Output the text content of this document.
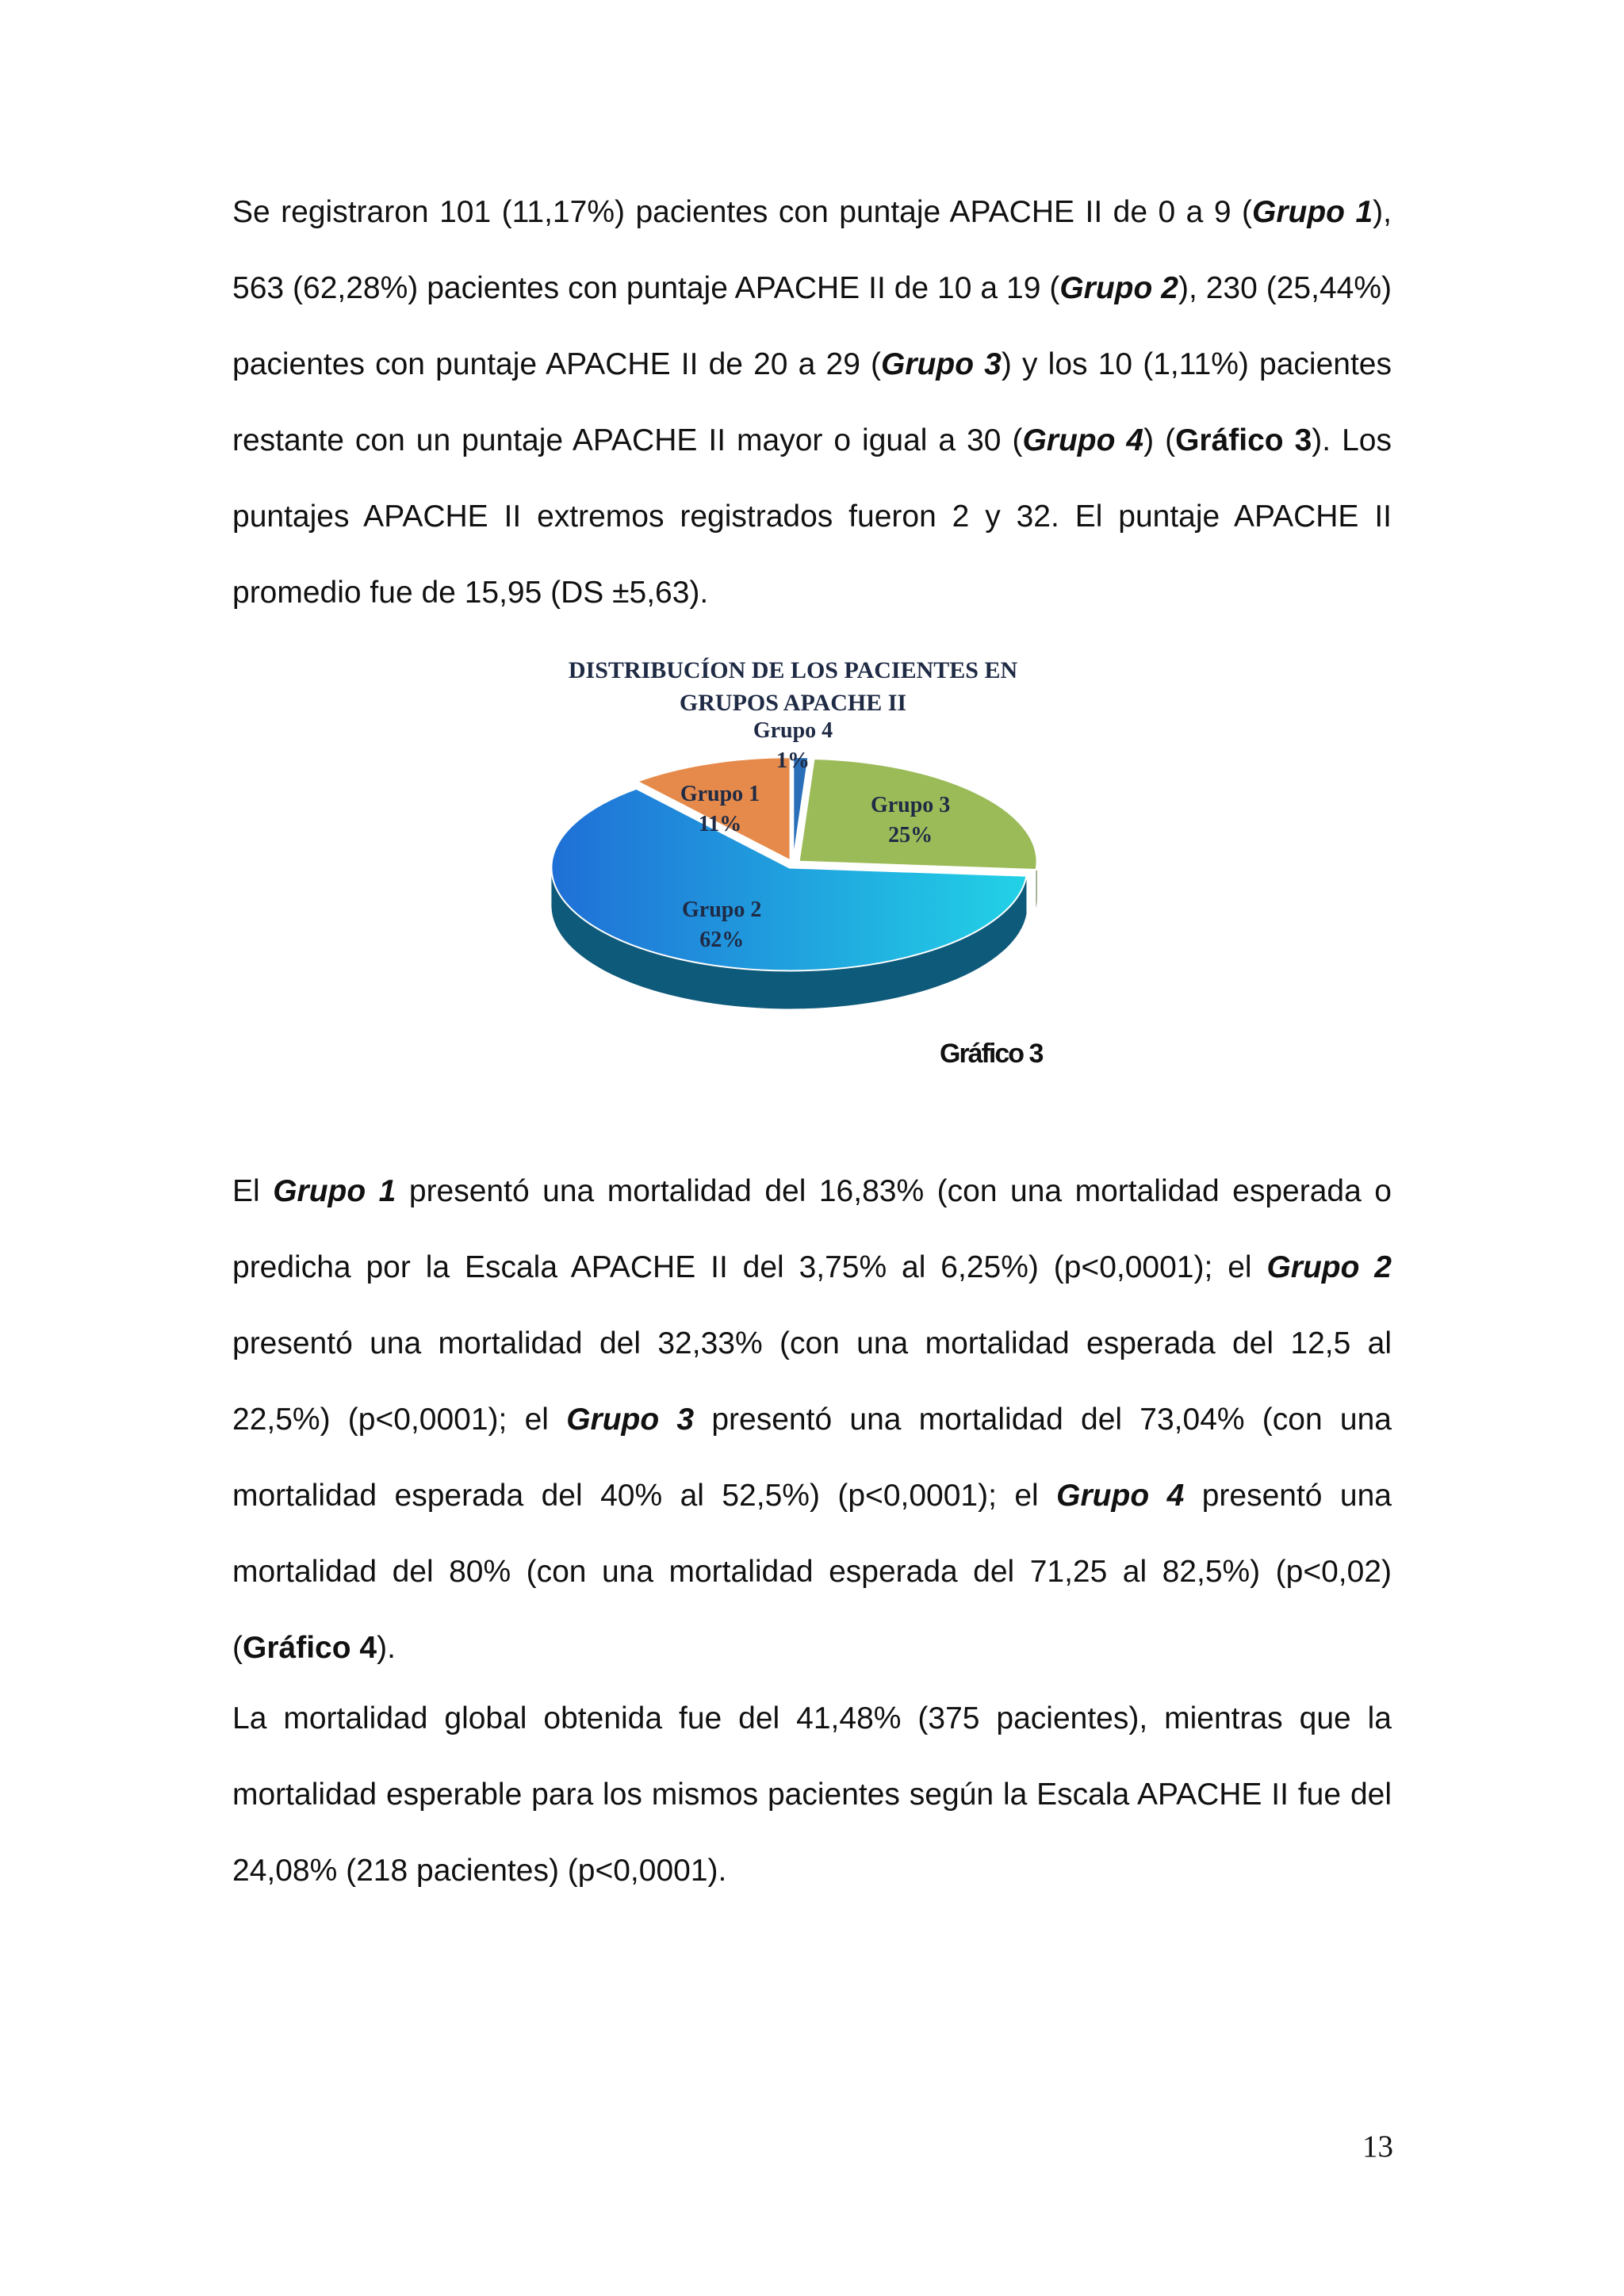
Se registraron 101 (11,17%) pacientes con puntaje APACHE II de 0 a 9 (Grupo 1), 563 (62,28%) pacientes con puntaje APACHE II de 10 a 19 (Grupo 2), 230 (25,44%) pacientes con puntaje APACHE II de 20 a 29 (Grupo 3) y los 10 (1,11%) pacientes restante con un puntaje APACHE II mayor o igual a 30 (Grupo 4) (Gráfico 3). Los puntajes APACHE II extremos registrados fueron 2 y 32. El puntaje APACHE II promedio fue de 15,95 (DS ±5,63).

DISTRIBUCÍON DE LOS PACIENTES EN
GRUPOS APACHE II
Grupo 4
1%
Grupo 3
25%
Grupo 2
62%
Grupo 1
11%
Gráfico 3

El Grupo 1 presentó una mortalidad del 16,83% (con una mortalidad esperada o predicha por la Escala APACHE II del 3,75% al 6,25%) (p<0,0001); el Grupo 2 presentó una mortalidad del 32,33% (con una mortalidad esperada del 12,5 al 22,5%) (p<0,0001); el Grupo 3 presentó una mortalidad del 73,04% (con una mortalidad esperada del 40% al 52,5%) (p<0,0001); el Grupo 4 presentó una mortalidad del 80% (con una mortalidad esperada del 71,25 al 82,5%) (p<0,02) (Gráfico 4).

La mortalidad global obtenida fue del 41,48% (375 pacientes), mientras que la mortalidad esperable para los mismos pacientes según la Escala APACHE II fue del 24,08% (218 pacientes) (p<0,0001).

13
